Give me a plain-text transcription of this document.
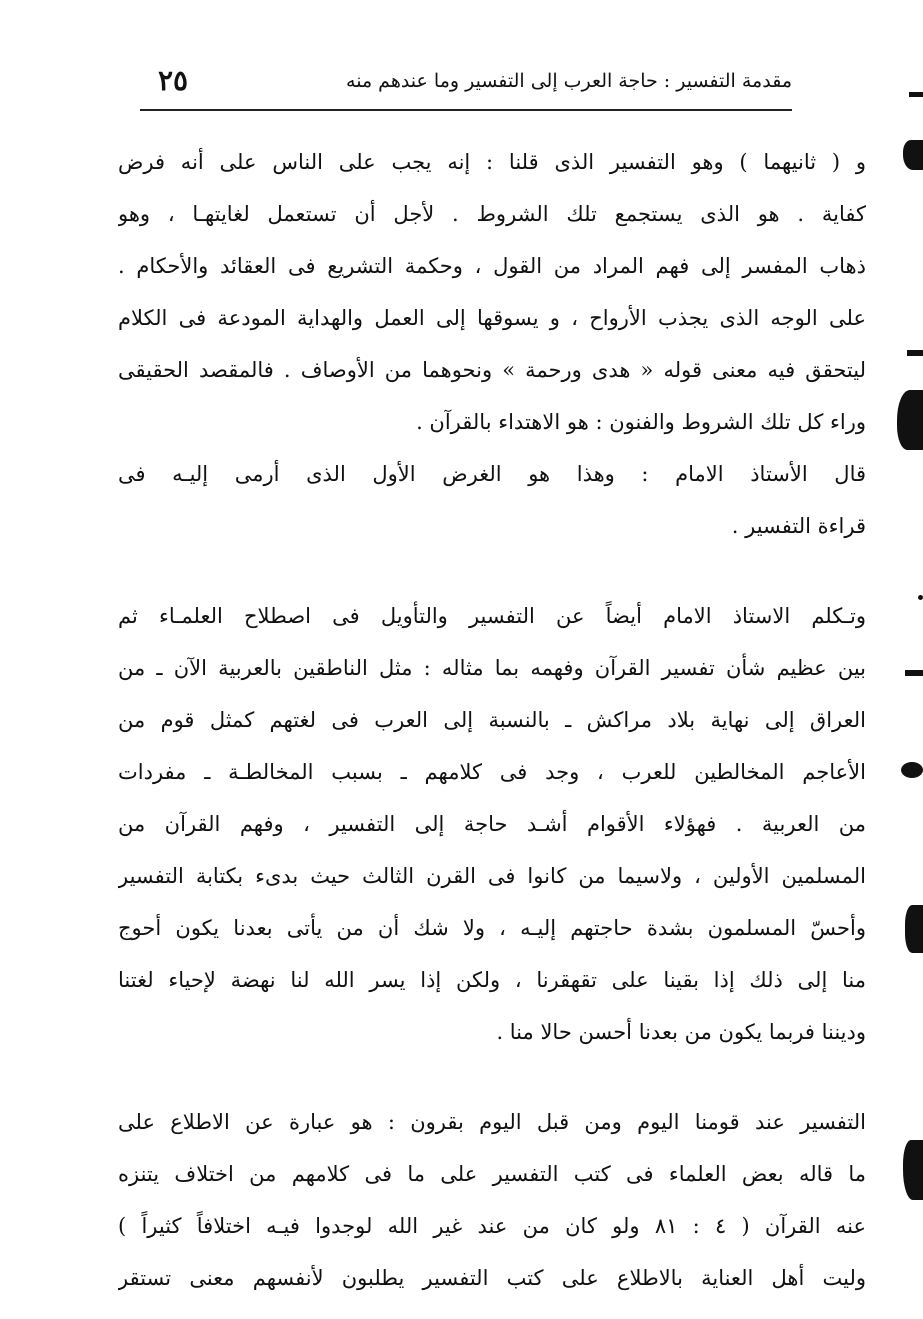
مقدمة التفسير : حاجة العرب إلى التفسير وما عندهم منه
٢٥
و ( ثانيهما ) وهو التفسير الذى قلنا : إنه يجب على الناس على أنه فرض
كفاية . هو الذى يستجمع تلك الشروط . لأجل أن تستعمل لغايتهـا ، وهو
ذهاب المفسر إلى فهم المراد من القول ، وحكمة التشريع فى العقائد والأحكام .
على الوجه الذى يجذب الأرواح ، و يسوقها إلى العمل والهداية المودعة فى الكلام
ليتحقق فيه معنى قوله « هدى ورحمة » ونحوهما من الأوصاف . فالمقصد الحقيقى
وراء كل تلك الشروط والفنون : هو الاهتداء بالقرآن .
قال الأستاذ الامام : وهذا هو الغرض الأول الذى أرمى إليـه فى
قراءة التفسير .
وتـكلم الاستاذ الامام أيضاً عن التفسير والتأويل فى اصطلاح العلمـاء ثم
بين عظيم شأن تفسير القرآن وفهمه بما مثاله : مثل الناطقين بالعربية الآن ـ من
العراق إلى نهاية بلاد مراكش ـ بالنسبة إلى العرب فى لغتهم كمثل قوم من
الأعاجم المخالطين للعرب ، وجد فى كلامهم ـ بسبب المخالطـة ـ مفردات
من العربية . فهؤلاء الأقوام أشـد حاجة إلى التفسير ، وفهم القرآن من
المسلمين الأولين ، ولاسيما من كانوا فى القرن الثالث حيث بدىء بكتابة التفسير
وأحسّ المسلمون بشدة حاجتهم إليـه ، ولا شك أن من يأتى بعدنا يكون أحوج
منا إلى ذلك إذا بقينا على تقهقرنا ، ولكن إذا يسر الله لنا نهضة لإحياء لغتنا
وديننا فربما يكون من بعدنا أحسن حالا منا .
التفسير عند قومنا اليوم ومن قبل اليوم بقرون : هو عبارة عن الاطلاع على
ما قاله بعض العلماء فى كتب التفسير على ما فى كلامهم من اختلاف يتنزه
عنه القرآن ( ٤ : ٨١ ولو كان من عند غير الله لوجدوا فيـه اختلافاً كثيراً )
وليت أهل العناية بالاطلاع على كتب التفسير يطلبون لأنفسهم معنى تستقر
